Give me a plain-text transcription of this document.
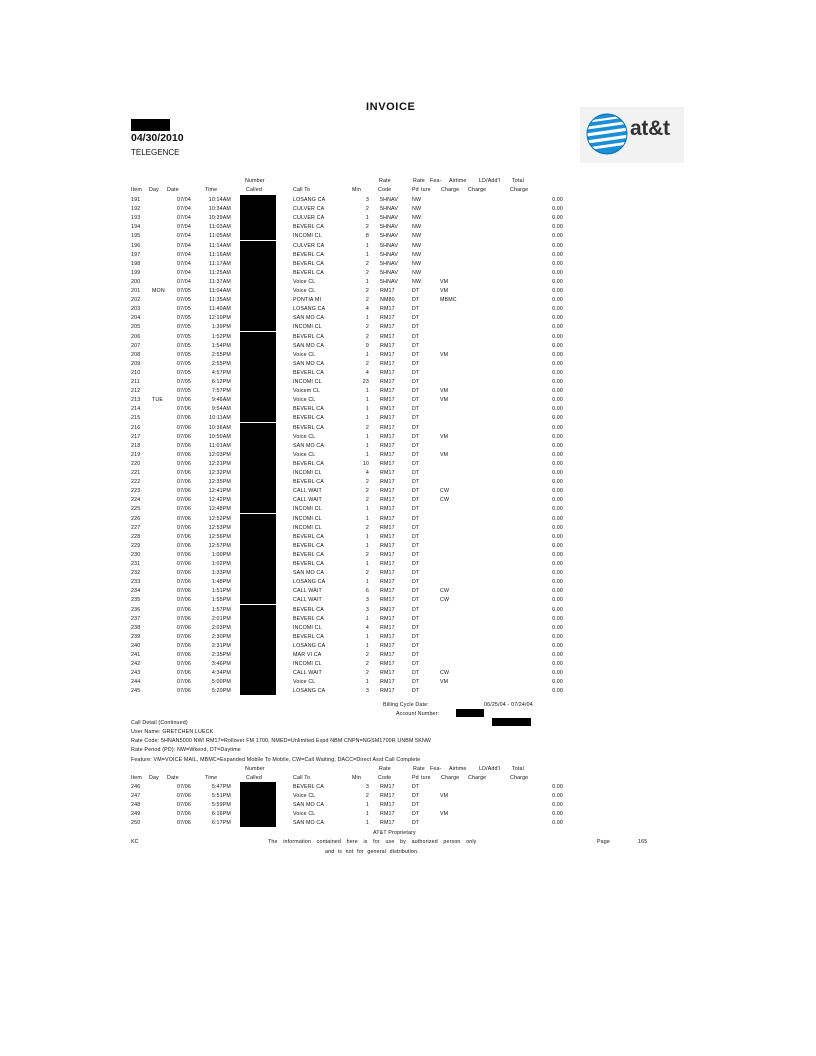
INVOICE
04/30/2010
TELEGENCE
at&t
Number	Rate	Rate Fea- Airtime LD/Add'l Total
Item Day Date	Time	Called	Call To	Min	Code	Pd ture Charge Charge	Charge
191	07/04	10:14AM	LOSANG CA	3 5HNAV	NW	0.00
192	07/04	10:34AM	CULVER CA	2 5HNAV	NW	0.00
193	07/04	10:39AM	CULVER CA	1 5HNAV	NW	0.00
194	07/04	11:03AM	BEVERL CA	2 5HNAV	NW	0.00
195	07/04	11:05AM	INCOMI CL	8 5HNAV	NW	0.00
196	07/04	11:14AM	CULVER CA	1 5HNAV	NW	0.00
197	07/04	11:16AM	BEVERL CA	1 5HNAV	NW	0.00
198	07/04	11:17AM	BEVERL CA	2 5HNAV	NW	0.00
199	07/04	11:25AM	BEVERL CA	2 5HNAV	NW	0.00
200	07/04	11:37AM	Voice CL	1 5HNAV	NW	VM	0.00
201 MON 07/05	11:04AM	Voice CL	2 RM17	DT	VM	0.00
202	07/05	11:35AM	PONTIA MI	2 NM80	DT	MBMC	0.00
203	07/05	11:40AM	LOSANG CA	4 RM17	DT	0.00
204	07/05	12:10PM	SAN MO CA	1 RM17	DT	0.00
205	07/05	1:39PM	INCOMI CL	2 RM17	DT	0.00
206	07/05	1:52PM	BEVERL CA	2 RM17	DT	0.00
207	07/05	1:54PM	SAN MO CA	9 RM17	DT	0.00
208	07/05	2:55PM	Voice CL	1 RM17	DT	VM	0.00
209	07/05	2:55PM	SAN MO CA	2 RM17	DT	0.00
210	07/05	4:57PM	BEVERL CA	4 RM17	DT	0.00
211	07/05	6:12PM	INCOMI CL	23 RM17	DT	0.00
212	07/05	7:57PM	Voicem CL	1 RM17	DT	VM	0.00
213 TUE	07/06	9:46AM	Voice CL	1 RM17	DT	VM	0.00
214	07/06	9:54AM	BEVERL CA	1 RM17	DT	0.00
215	07/06	10:11AM	BEVERL CA	1 RM17	DT	0.00
216	07/06	10:36AM	BEVERL CA	2 RM17	DT	0.00
217	07/06	10:50AM	Voice CL	1 RM17	DT	VM	0.00
218	07/06	11:01AM	SAN MO CA	1 RM17	DT	0.00
219	07/06	12:03PM	Voice CL	1 RM17	DT	VM	0.00
220	07/06	12:21PM	BEVERL CA	10 RM17	DT	0.00
221	07/06	12:32PM	INCOMI CL	4 RM17	DT	0.00
222	07/06	12:35PM	BEVERL CA	2 RM17	DT	0.00
223	07/06	12:41PM	CALL WAIT	2 RM17	DT	CW	0.00
224	07/06	12:42PM	CALL WAIT	2 RM17	DT	CW	0.00
225	07/06	12:48PM	INCOMI CL	1 RM17	DT	0.00
226	07/06	12:52PM	INCOMI CL	1 RM17	DT	0.00
227	07/06	12:53PM	INCOMI CL	2 RM17	DT	0.00
228	07/06	12:56PM	BEVERL CA	1 RM17	DT	0.00
229	07/06	12:57PM	BEVERL CA	1 RM17	DT	0.00
230	07/06	1:00PM	BEVERL CA	2 RM17	DT	0.00
231	07/06	1:02PM	BEVERL CA	1 RM17	DT	0.00
232	07/06	1:33PM	SAN MO CA	2 RM17	DT	0.00
233	07/06	1:48PM	LOSANG CA	1 RM17	DT	0.00
234	07/06	1:51PM	CALL WAIT	6 RM17	DT	CW	0.00
235	07/06	1:55PM	CALL WAIT	3 RM17	DT	CW	0.00
236	07/06	1:57PM	BEVERL CA	3 RM17	DT	0.00
237	07/06	2:01PM	BEVERL CA	1 RM17	DT	0.00
238	07/06	2:03PM	INCOMI CL	4 RM17	DT	0.00
239	07/06	2:30PM	BEVERL CA	1 RM17	DT	0.00
240	07/06	2:31PM	LOSANG CA	1 RM17	DT	0.00
241	07/06	2:35PM	MAR VI CA	2 RM17	DT	0.00
242	07/06	3:46PM	INCOMI CL	2 RM17	DT	0.00
243	07/06	4:34PM	CALL WAIT	2 RM17	DT	CW	0.00
244	07/06	5:00PM	Voice CL	1 RM17	DT	VM	0.00
245	07/06	5:20PM	LOSANG CA	3 RM17	DT	0.00
Billing Cycle Date:	06/25/04 - 07/24/04
Account Number:
Call Detail (Continued)
User Name: GRETCHEN LUECK
Rate Code: 5HNAN5000 NW/ RM17=Rollover FM 1700, NMED=Unlimited Expd NBM CNPN=NGSM1700R UNBM 5KNW
Rate Period (PD): NW=Wkend, DT=Daytime
Feature: VM=VOICE MAIL, MBMC=Expanded Mobile To Mobile, CW=Call Waiting, DACC=Direct Asst Call Complete
Number	Rate	Rate Fea- Airtime LD/Add'l Total
Item Day Date	Time	Called	Call To	Min	Code	Pd ture Charge Charge	Charge
246	07/06	5:47PM	BEVERL CA	3 RM17	DT	0.00
247	07/06	5:51PM	Voice CL	2 RM17	DT	VM	0.00
248	07/06	5:59PM	SAN MO CA	1 RM17	DT	0.00
249	07/06	6:16PM	Voice CL	1 RM17	DT	VM	0.00
250	07/06	6:17PM	SAN MO CA	1 RM17	DT	0.00
AT&T Proprietary
KC	The information contained here is for use by authorized person only
and is not for general distribution.
Page	165
